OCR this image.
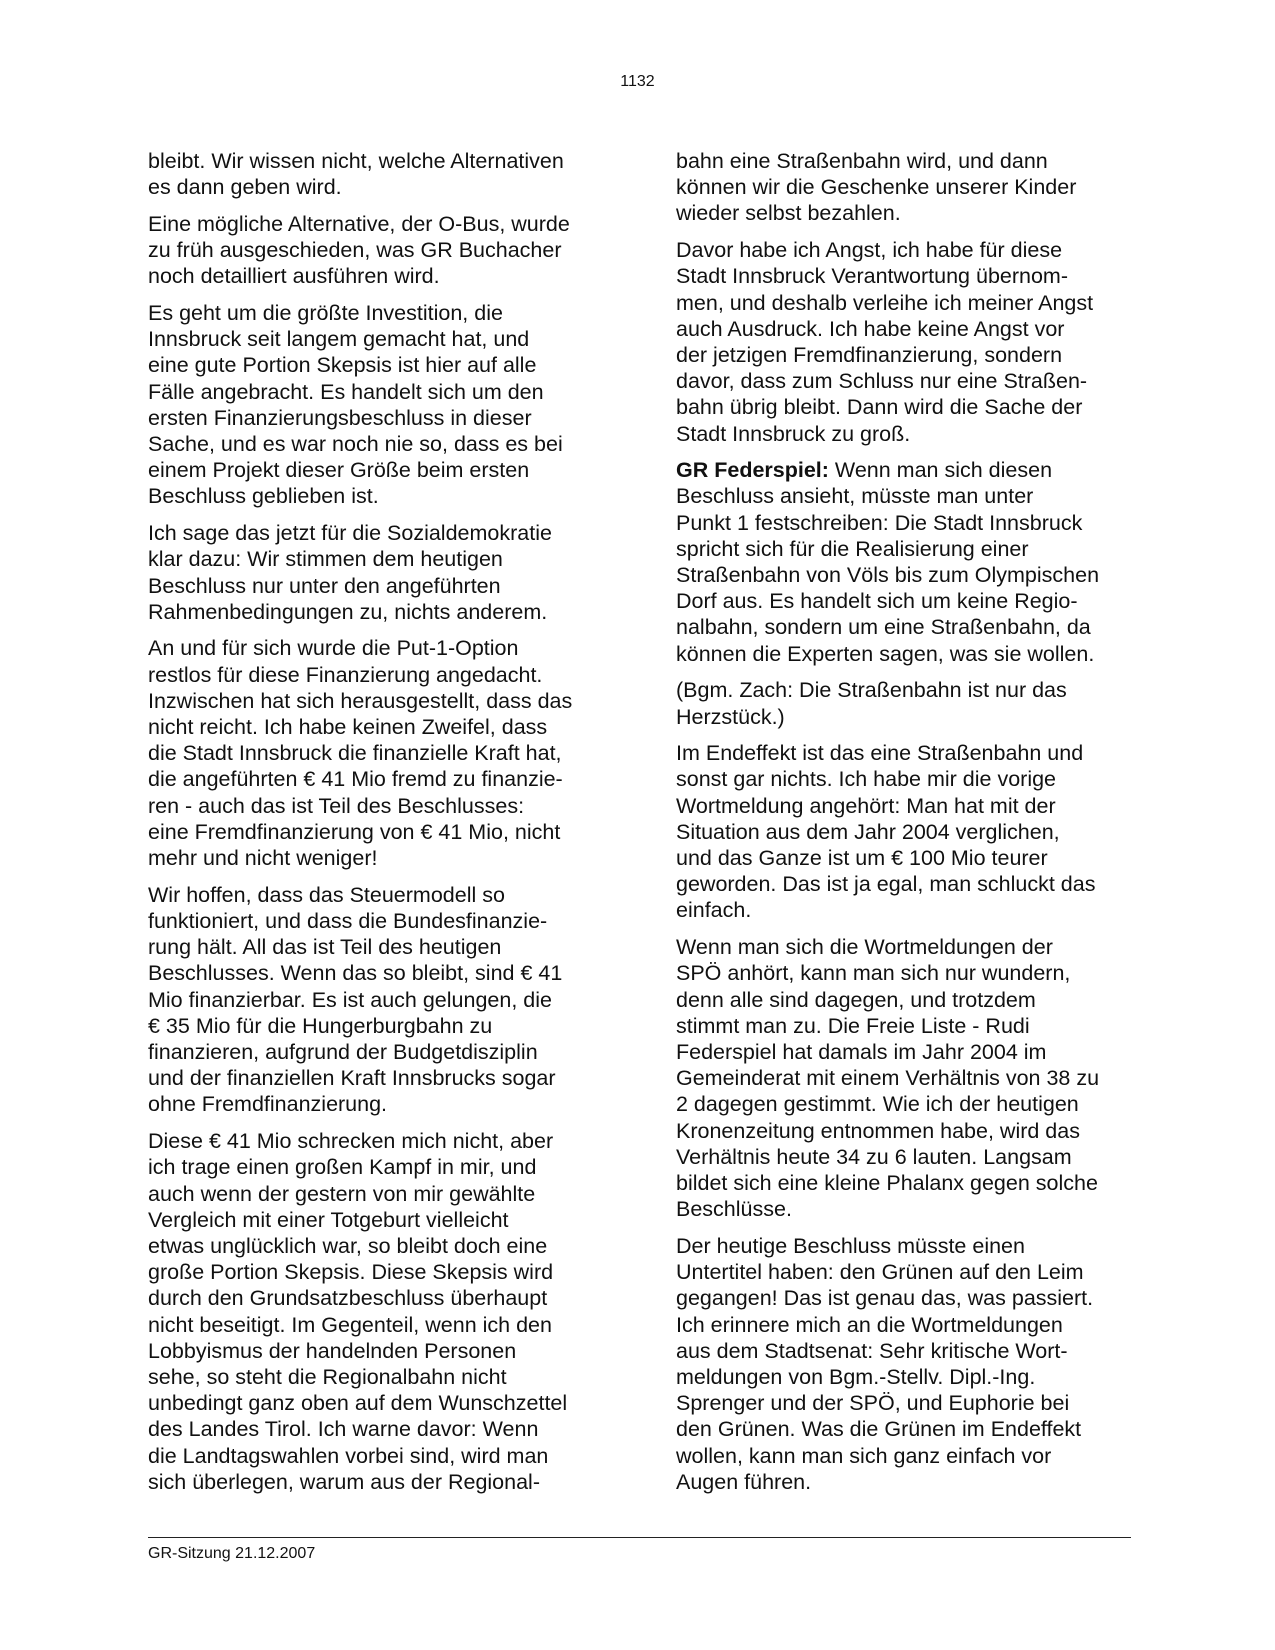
1132

bleibt. Wir wissen nicht, welche Alternativen
es dann geben wird.

Eine mögliche Alternative, der O-Bus, wurde
zu früh ausgeschieden, was GR Buchacher
noch detailliert ausführen wird.

Es geht um die größte Investition, die
Innsbruck seit langem gemacht hat, und
eine gute Portion Skepsis ist hier auf alle
Fälle angebracht. Es handelt sich um den
ersten Finanzierungsbeschluss in dieser
Sache, und es war noch nie so, dass es bei
einem Projekt dieser Größe beim ersten
Beschluss geblieben ist.

Ich sage das jetzt für die Sozialdemokratie
klar dazu: Wir stimmen dem heutigen
Beschluss nur unter den angeführten
Rahmenbedingungen zu, nichts anderem.

An und für sich wurde die Put-1-Option
restlos für diese Finanzierung angedacht.
Inzwischen hat sich herausgestellt, dass das
nicht reicht. Ich habe keinen Zweifel, dass
die Stadt Innsbruck die finanzielle Kraft hat,
die angeführten € 41 Mio fremd zu finanzie-
ren - auch das ist Teil des Beschlusses:
eine Fremdfinanzierung von € 41 Mio, nicht
mehr und nicht weniger!

Wir hoffen, dass das Steuermodell so
funktioniert, und dass die Bundesfinanzie-
rung hält. All das ist Teil des heutigen
Beschlusses. Wenn das so bleibt, sind € 41
Mio finanzierbar. Es ist auch gelungen, die
€ 35 Mio für die Hungerburgbahn zu
finanzieren, aufgrund der Budgetdisziplin
und der finanziellen Kraft Innsbrucks sogar
ohne Fremdfinanzierung.

Diese € 41 Mio schrecken mich nicht, aber
ich trage einen großen Kampf in mir, und
auch wenn der gestern von mir gewählte
Vergleich mit einer Totgeburt vielleicht
etwas unglücklich war, so bleibt doch eine
große Portion Skepsis. Diese Skepsis wird
durch den Grundsatzbeschluss überhaupt
nicht beseitigt. Im Gegenteil, wenn ich den
Lobbyismus der handelnden Personen
sehe, so steht die Regionalbahn nicht
unbedingt ganz oben auf dem Wunschzettel
des Landes Tirol. Ich warne davor: Wenn
die Landtagswahlen vorbei sind, wird man
sich überlegen, warum aus der Regional-

bahn eine Straßenbahn wird, und dann
können wir die Geschenke unserer Kinder
wieder selbst bezahlen.

Davor habe ich Angst, ich habe für diese
Stadt Innsbruck Verantwortung übernom-
men, und deshalb verleihe ich meiner Angst
auch Ausdruck. Ich habe keine Angst vor
der jetzigen Fremdfinanzierung, sondern
davor, dass zum Schluss nur eine Straßen-
bahn übrig bleibt. Dann wird die Sache der
Stadt Innsbruck zu groß.

GR Federspiel: Wenn man sich diesen
Beschluss ansieht, müsste man unter
Punkt 1 festschreiben: Die Stadt Innsbruck
spricht sich für die Realisierung einer
Straßenbahn von Völs bis zum Olympischen
Dorf aus. Es handelt sich um keine Regio-
nalbahn, sondern um eine Straßenbahn, da
können die Experten sagen, was sie wollen.

(Bgm. Zach: Die Straßenbahn ist nur das
Herzstück.)

Im Endeffekt ist das eine Straßenbahn und
sonst gar nichts. Ich habe mir die vorige
Wortmeldung angehört: Man hat mit der
Situation aus dem Jahr 2004 verglichen,
und das Ganze ist um € 100 Mio teurer
geworden. Das ist ja egal, man schluckt das
einfach.

Wenn man sich die Wortmeldungen der
SPÖ anhört, kann man sich nur wundern,
denn alle sind dagegen, und trotzdem
stimmt man zu. Die Freie Liste - Rudi
Federspiel hat damals im Jahr 2004 im
Gemeinderat mit einem Verhältnis von 38 zu
2 dagegen gestimmt. Wie ich der heutigen
Kronenzeitung entnommen habe, wird das
Verhältnis heute 34 zu 6 lauten. Langsam
bildet sich eine kleine Phalanx gegen solche
Beschlüsse.

Der heutige Beschluss müsste einen
Untertitel haben: den Grünen auf den Leim
gegangen! Das ist genau das, was passiert.
Ich erinnere mich an die Wortmeldungen
aus dem Stadtsenat: Sehr kritische Wort-
meldungen von Bgm.-Stellv. Dipl.-Ing.
Sprenger und der SPÖ, und Euphorie bei
den Grünen. Was die Grünen im Endeffekt
wollen, kann man sich ganz einfach vor
Augen führen.

GR-Sitzung 21.12.2007
